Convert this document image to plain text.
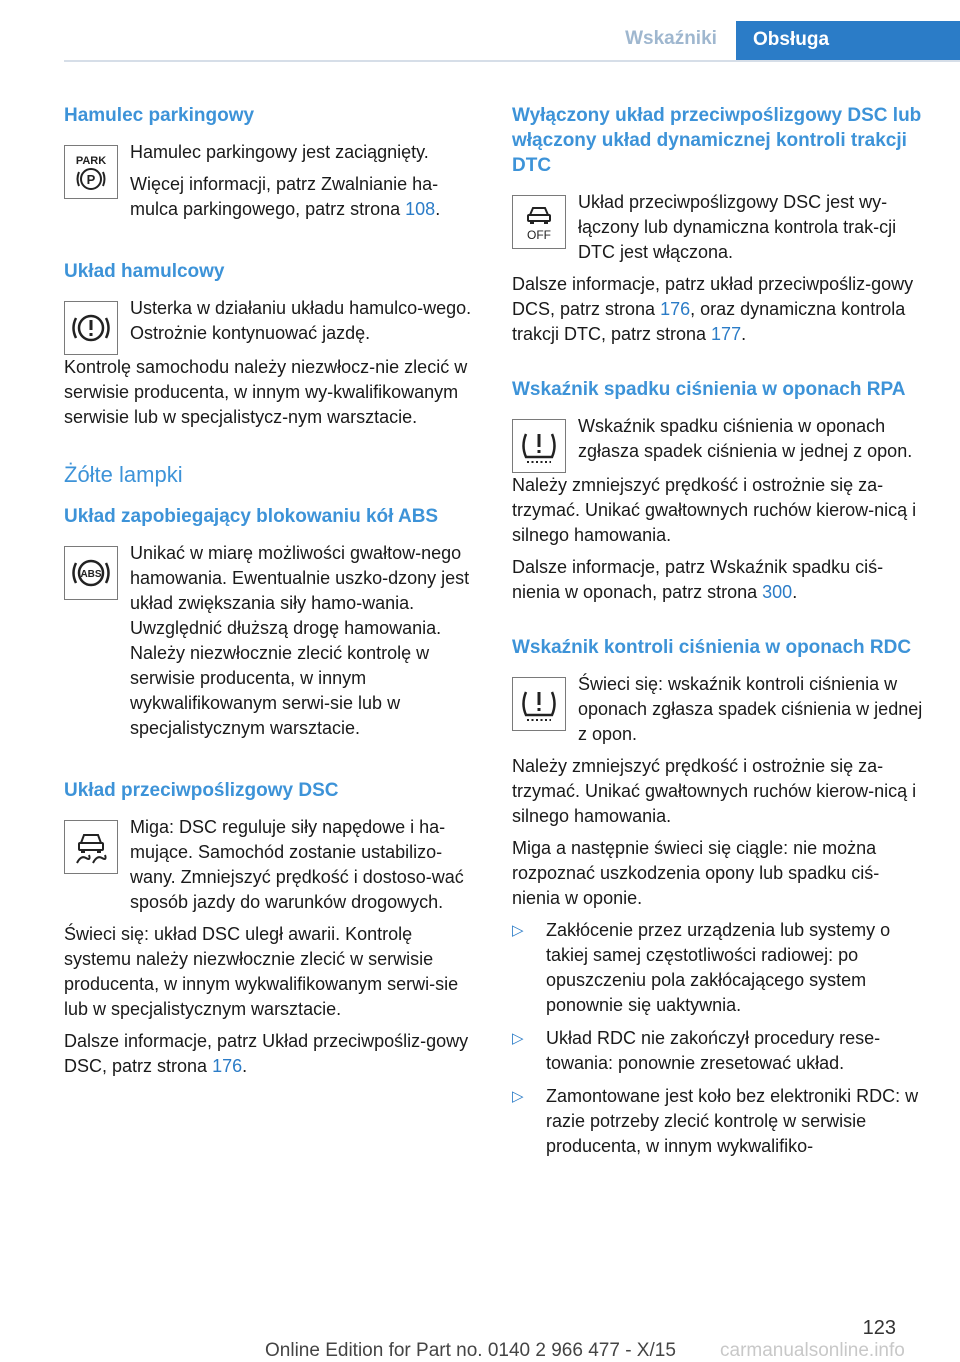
Wskaźniki	Obsługa
Hamulec parkingowy
PARK
P

Hamulec parkingowy jest zaciągnięty.

Więcej informacji, patrz Zwalnianie ha‐mulca parkingowego, patrz strona 108.

Układ hamulcowy

Usterka w działaniu układu hamulco‐wego. Ostrożnie kontynuować jazdę.

Kontrolę samochodu należy niezwłocz‐nie zlecić w serwisie producenta, w innym wy‐kwalifikowanym serwisie lub w specjalistycz‐nym warsztacie.

Żółte lampki
Układ zapobiegający blokowaniu kół ABS
ABS

Unikać w miarę możliwości gwałtow‐nego hamowania. Ewentualnie uszko‐dzony jest układ zwiększania siły hamo‐wania. Uwzględnić dłuższą drogę hamowania. Należy niezwłocznie zlecić kontrolę w serwisie producenta, w innym wykwalifikowanym serwi‐sie lub w specjalistycznym warsztacie.

Układ przeciwpoślizgowy DSC

Miga: DSC reguluje siły napędowe i ha‐mujące. Samochód zostanie ustabilizo‐wany. Zmniejszyć prędkość i dostoso‐wać sposób jazdy do warunków drogowych.

Świeci się: układ DSC uległ awarii. Kontrolę systemu należy niezwłocznie zlecić w serwisie producenta, w innym wykwalifikowanym serwi‐sie lub w specjalistycznym warsztacie.

Dalsze informacje, patrz Układ przeciwpośliz‐gowy DSC, patrz strona 176.

Wyłączony układ przeciwpoślizgowy DSC lub włączony układ dynamicznej kontroli trakcji DTC
OFF

Układ przeciwpoślizgowy DSC jest wy‐łączony lub dynamiczna kontrola trak‐cji DTC jest włączona.

Dalsze informacje, patrz układ przeciwpośliz‐gowy DCS, patrz strona 176, oraz dynamiczna kontrola trakcji DTC, patrz strona 177.

Wskaźnik spadku ciśnienia w oponach RPA

Wskaźnik spadku ciśnienia w oponach zgłasza spadek ciśnienia w jednej z opon.

Należy zmniejszyć prędkość i ostrożnie się za‐trzymać. Unikać gwałtownych ruchów kierow‐nicą i silnego hamowania.

Dalsze informacje, patrz Wskaźnik spadku ciś‐nienia w oponach, patrz strona 300.

Wskaźnik kontroli ciśnienia w oponach RDC

Świeci się: wskaźnik kontroli ciśnienia w oponach zgłasza spadek ciśnienia w jednej z opon.

Należy zmniejszyć prędkość i ostrożnie się za‐trzymać. Unikać gwałtownych ruchów kierow‐nicą i silnego hamowania.

Miga a następnie świeci się ciągle: nie można rozpoznać uszkodzenia opony lub spadku ciś‐nienia w oponie.

▷ Zakłócenie przez urządzenia lub systemy o takiej samej częstotliwości radiowej: po opuszczeniu pola zakłócającego system ponownie się uaktywnia.
▷ Układ RDC nie zakończył procedury rese‐towania: ponownie zresetować układ.
▷ Zamontowane jest koło bez elektroniki RDC: w razie potrzeby zlecić kontrolę w serwisie producenta, w innym wykwalifiko‐
123
Online Edition for Part no. 0140 2 966 477 - X/15 carmanualsonline.info
